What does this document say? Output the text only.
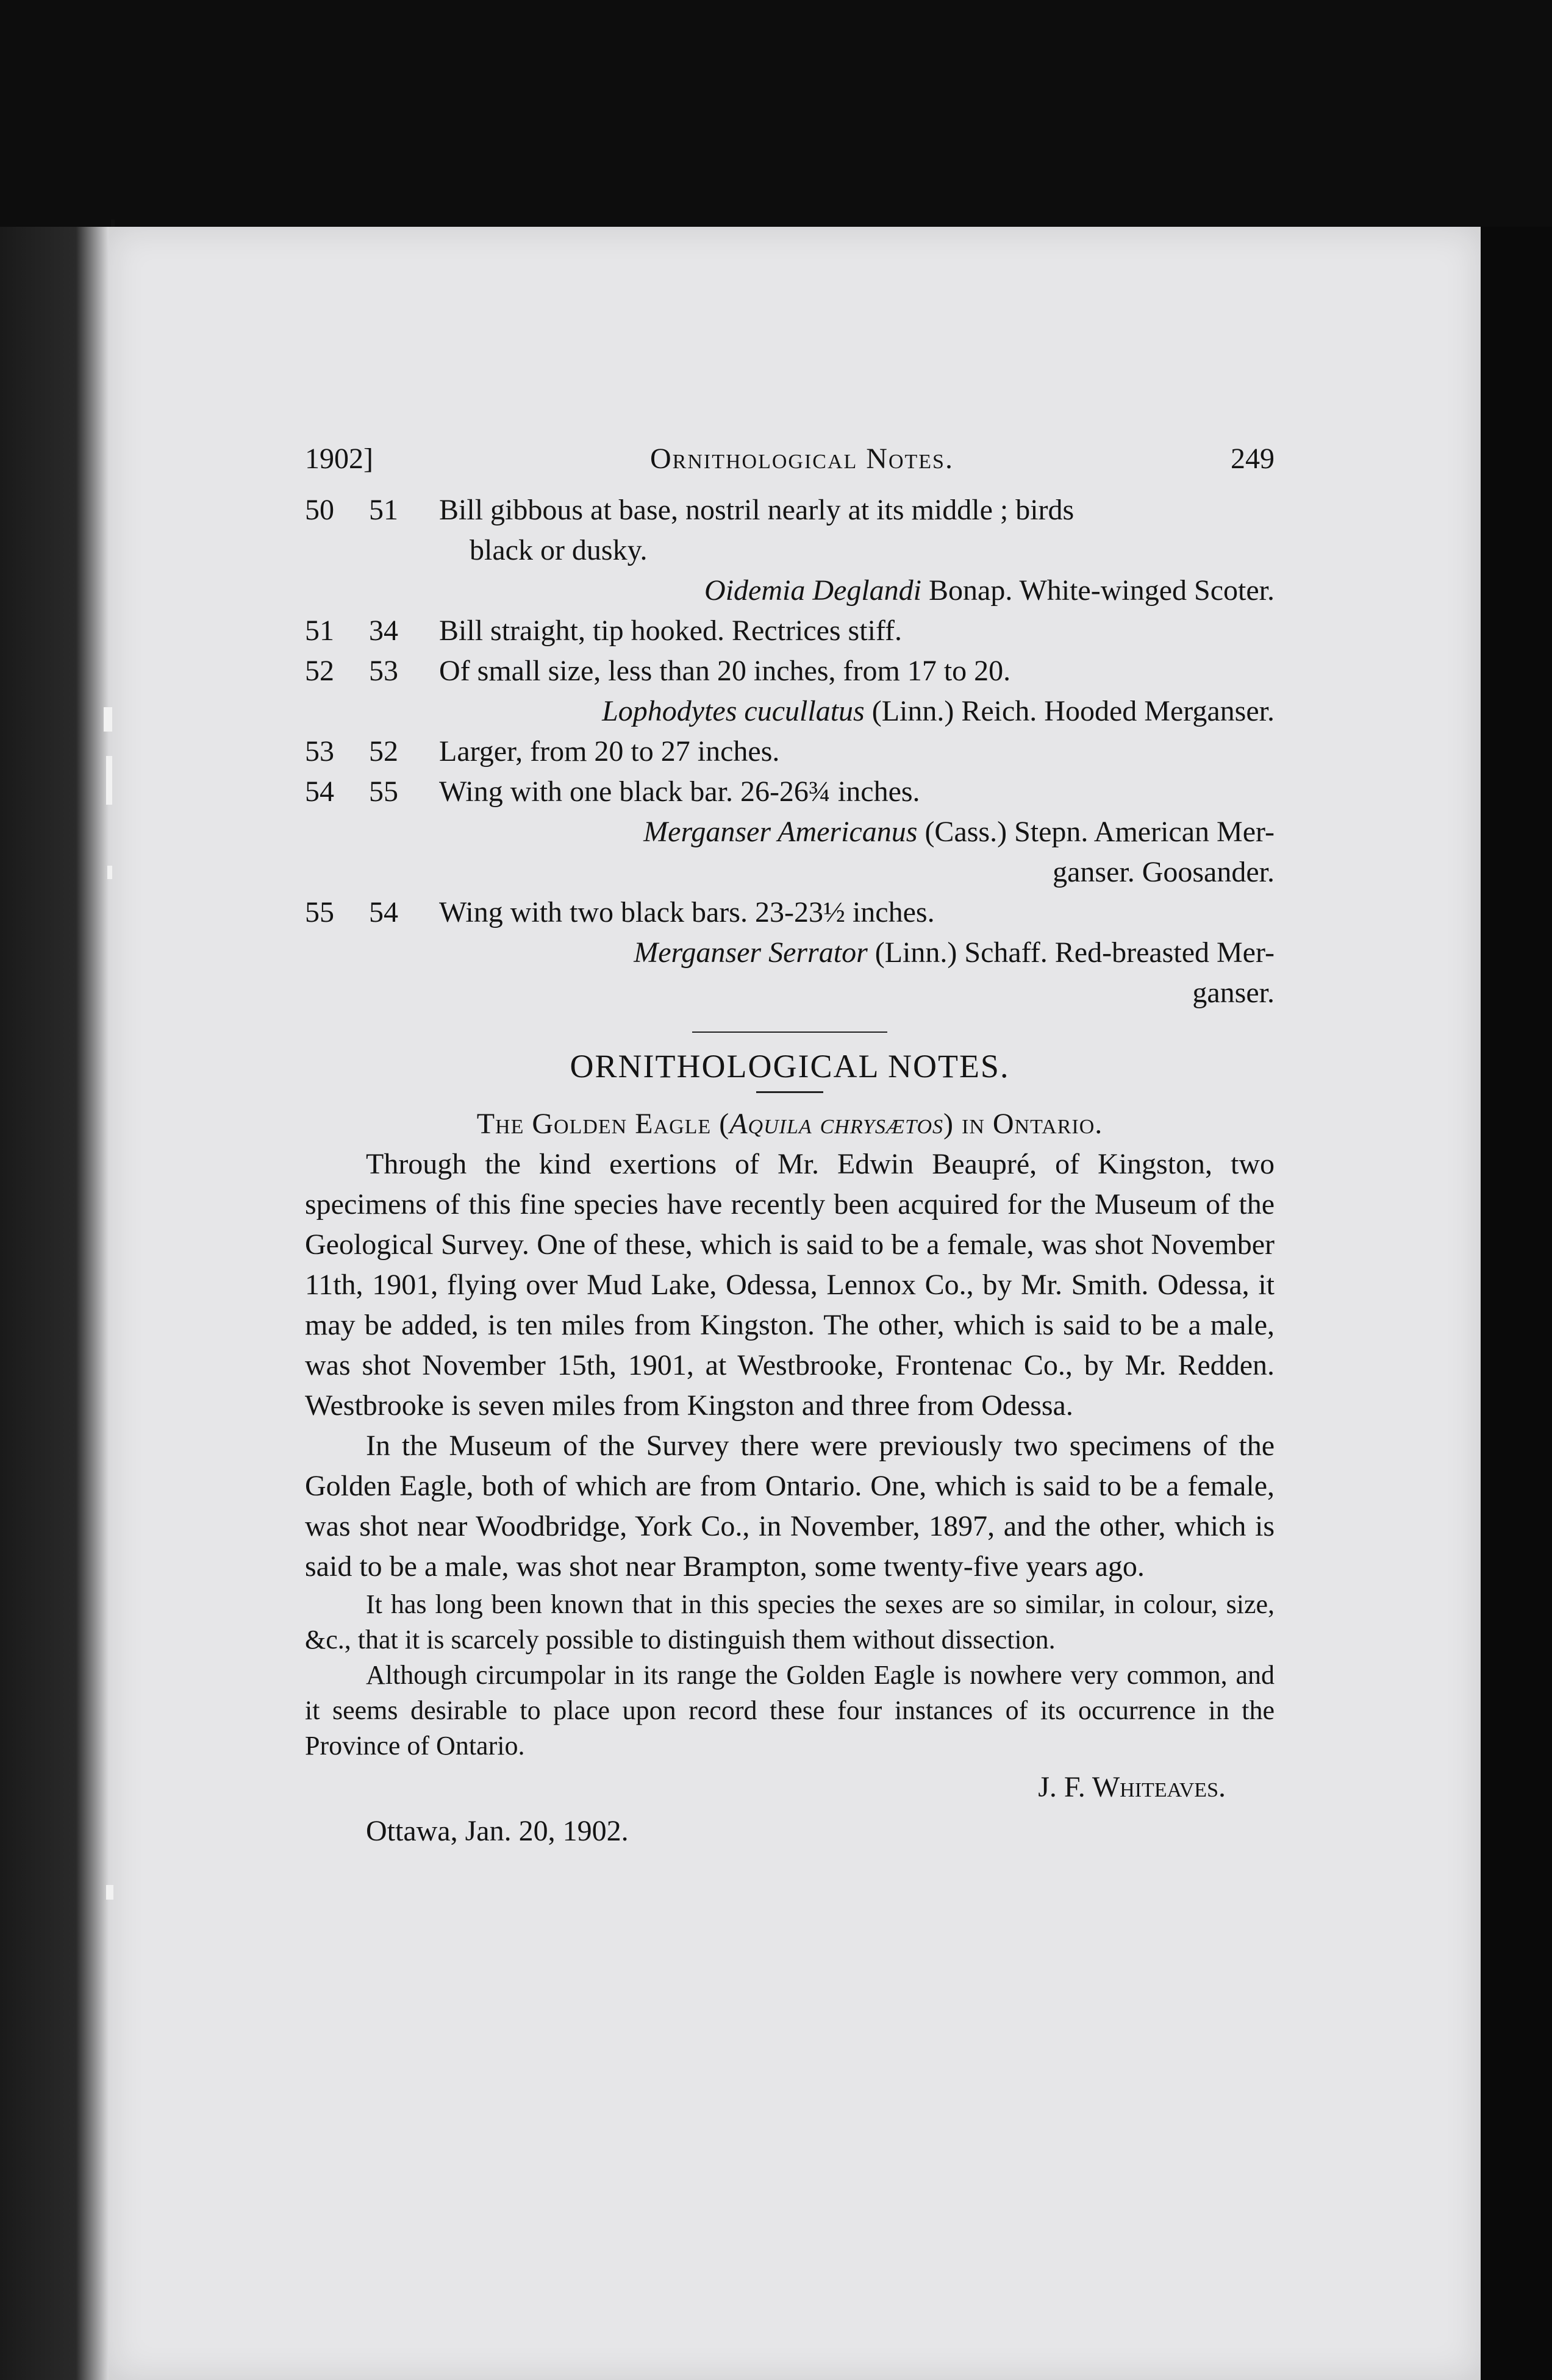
1902]	Ornithological Notes.	249
50	51	Bill gibbous at base, nostril nearly at its middle ; birds
black or dusky.
Oidemia Deglandi Bonap. White-winged Scoter.
51	34	Bill straight, tip hooked. Rectrices stiff.
52	53	Of small size, less than 20 inches, from 17 to 20.
Lophodytes cucullatus (Linn.) Reich. Hooded Merganser.
53	52	Larger, from 20 to 27 inches.
54	55	Wing with one black bar. 26-26¾ inches.
Merganser Americanus (Cass.) Stepn. American Mer-
ganser. Goosander.
55	54	Wing with two black bars. 23-23½ inches.
Merganser Serrator (Linn.) Schaff. Red-breasted Mer-
ganser.
ORNITHOLOGICAL NOTES.
The Golden Eagle (Aquila chrysætos) in Ontario.

Through the kind exertions of Mr. Edwin Beaupré, of Kingston, two specimens of this fine species have recently been acquired for the Museum of the Geological Survey. One of these, which is said to be a female, was shot November 11th, 1901, flying over Mud Lake, Odessa, Lennox Co., by Mr. Smith. Odessa, it may be added, is ten miles from Kingston. The other, which is said to be a male, was shot November 15th, 1901, at Westbrooke, Frontenac Co., by Mr. Redden. Westbrooke is seven miles from Kingston and three from Odessa.

In the Museum of the Survey there were previously two specimens of the Golden Eagle, both of which are from Ontario. One, which is said to be a female, was shot near Woodbridge, York Co., in November, 1897, and the other, which is said to be a male, was shot near Brampton, some twenty-five years ago.

It has long been known that in this species the sexes are so similar, in colour, size, &c., that it is scarcely possible to distinguish them without dissection.

Although circumpolar in its range the Golden Eagle is nowhere very common, and it seems desirable to place upon record these four instances of its occurrence in the Province of Ontario.

J. F. Whiteaves.
Ottawa, Jan. 20, 1902.
